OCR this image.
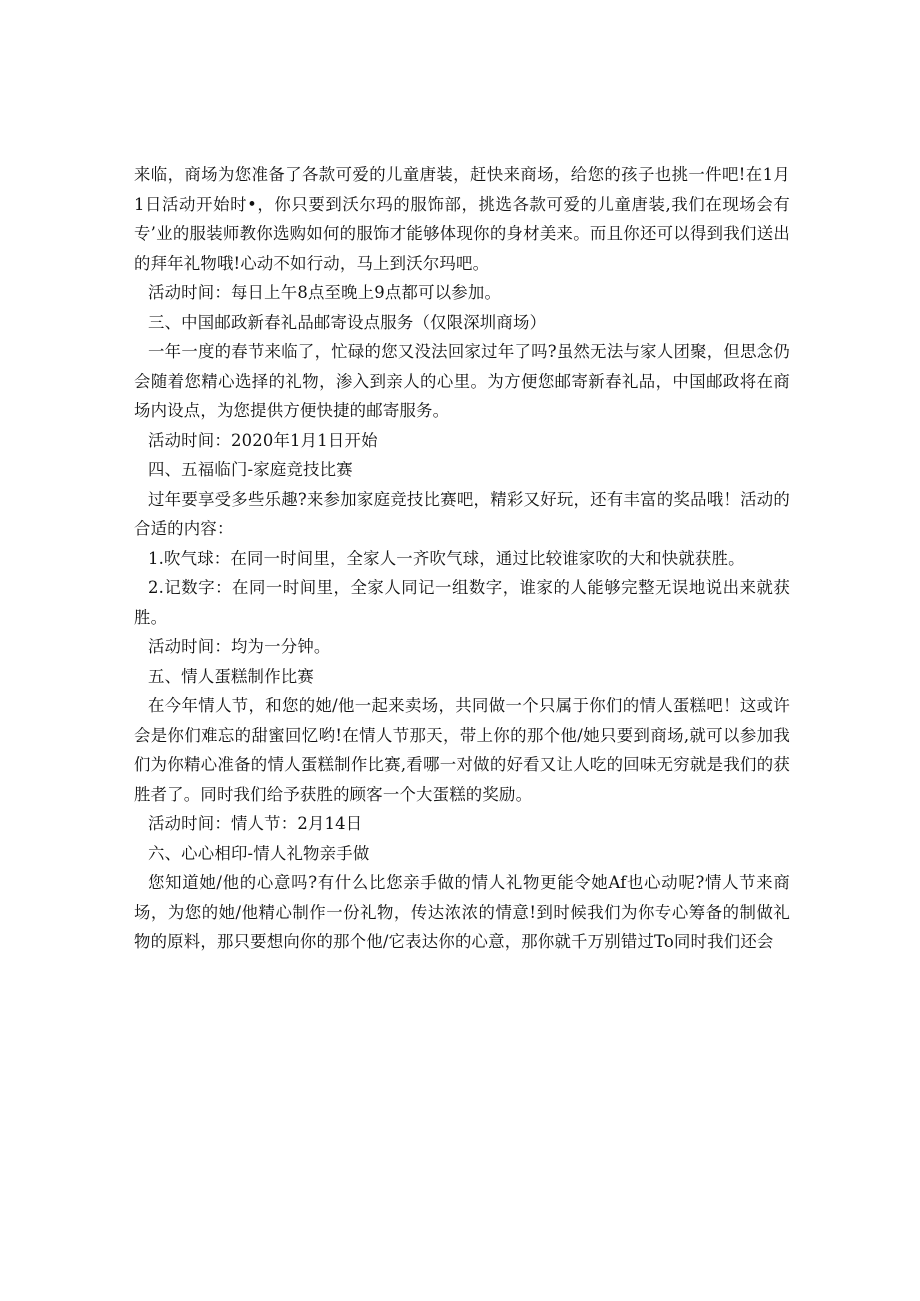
来临，商场为您准备了各款可爱的儿童唐装，赶快来商场，给您的孩子也挑一件吧!在1月1日活动开始时•，你只要到沃尔玛的服饰部，挑选各款可爱的儿童唐装,我们在现场会有专’业的服装师教你选购如何的服饰才能够体现你的身材美来。而且你还可以得到我们送出的拜年礼物哦!心动不如行动，马上到沃尔玛吧。

活动时间：每日上午8点至晚上9点都可以参加。

三、中国邮政新春礼品邮寄设点服务（仅限深圳商场）

一年一度的春节来临了，忙碌的您又没法回家过年了吗?虽然无法与家人团聚，但思念仍会随着您精心选择的礼物，渗入到亲人的心里。为方便您邮寄新春礼品，中国邮政将在商场内设点，为您提供方便快捷的邮寄服务。

活动时间：2020年1月1日开始

四、五福临门-家庭竞技比赛

过年要享受多些乐趣?来参加家庭竞技比赛吧，精彩又好玩，还有丰富的奖品哦！活动的合适的内容：

1.吹气球：在同一时间里，全家人一齐吹气球，通过比较谁家吹的大和快就获胜。

2.记数字：在同一时间里，全家人同记一组数字，谁家的人能够完整无误地说出来就获胜。

活动时间：均为一分钟。

五、情人蛋糕制作比赛

在今年情人节，和您的她/他一起来卖场，共同做一个只属于你们的情人蛋糕吧！这或许会是你们难忘的甜蜜回忆哟!在情人节那天，带上你的那个他/她只要到商场,就可以参加我们为你精心准备的情人蛋糕制作比赛,看哪一对做的好看又让人吃的回味无穷就是我们的获胜者了。同时我们给予获胜的顾客一个大蛋糕的奖励。

活动时间：情人节：2月14日

六、心心相印-情人礼物亲手做

您知道她/他的心意吗?有什么比您亲手做的情人礼物更能令她Af也心动呢?情人节来商场，为您的她/他精心制作一份礼物，传达浓浓的情意!到时候我们为你专心筹备的制做礼物的原料，那只要想向你的那个他/它表达你的心意，那你就千万别错过To同时我们还会
